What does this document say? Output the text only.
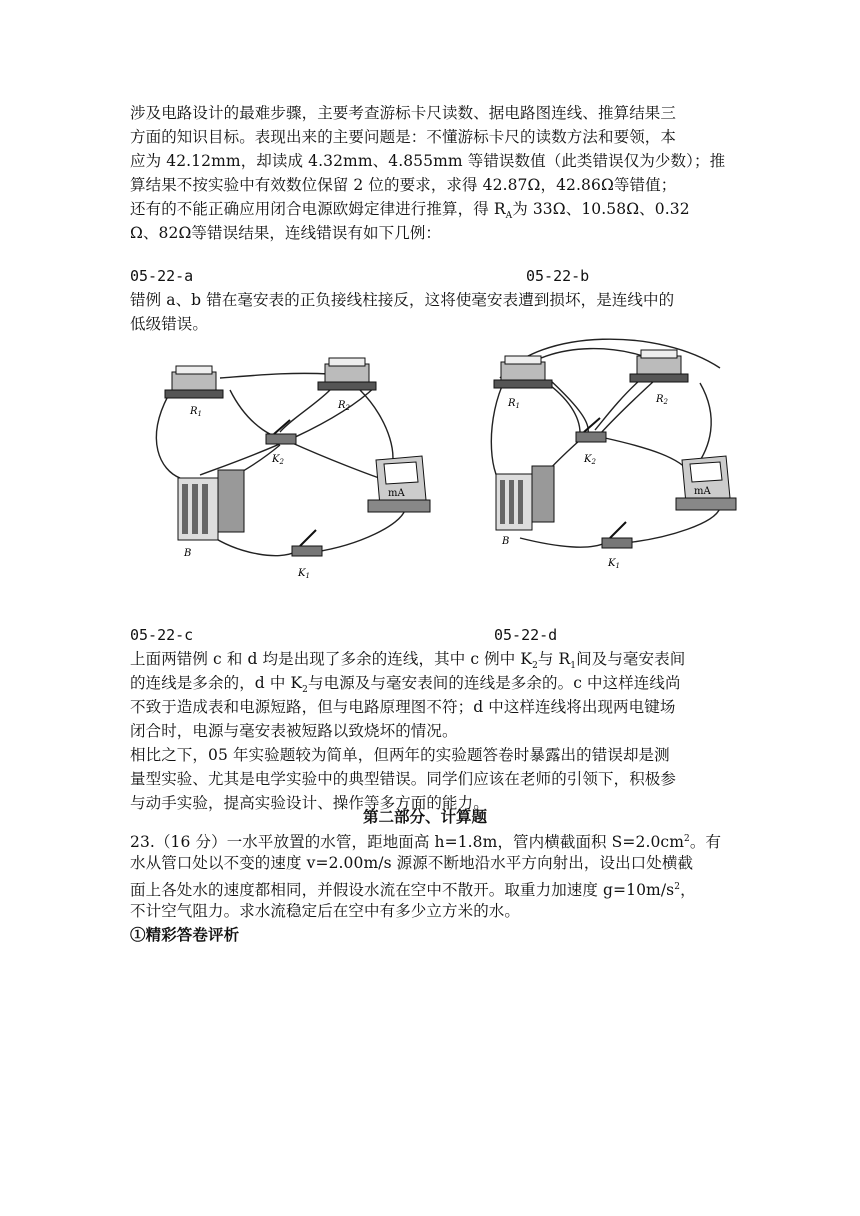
涉及电路设计的最难步骤，主要考查游标卡尺读数、据电路图连线、推算结果三
方面的知识目标。表现出来的主要问题是：不懂游标卡尺的读数方法和要领，本
应为 42.12mm，却读成 4.32mm、4.855mm 等错误数值（此类错误仅为少数）；推
算结果不按实验中有效数位保留 2 位的要求，求得 42.87Ω，42.86Ω等错值；
还有的不能正确应用闭合电源欧姆定律进行推算，得 $R_A$为 33Ω、10.58Ω、0.32
Ω、82Ω等错误结果，连线错误有如下几例：
05-22-a	05-22-b
错例 a、b 错在毫安表的正负接线柱接反，这将使毫安表遭到损坏，是连线中的
低级错误。
$R_1$
$R_2$
$K_2$
B
mA
$K_1$
$R_1$
$R_2$
$K_2$
B
mA
$K_1$
05-22-c	05-22-d
上面两错例 c 和 d 均是出现了多余的连线，其中 c 例中 $K_2$与 $R_1$间及与毫安表间
的连线是多余的，d 中 $K_2$与电源及与毫安表间的连线是多余的。c 中这样连线尚
不致于造成表和电源短路，但与电路原理图不符；d 中这样连线将出现两电键场
闭合时，电源与毫安表被短路以致烧坏的情况。
相比之下，05 年实验题较为简单，但两年的实验题答卷时暴露出的错误却是测
量型实验、尤其是电学实验中的典型错误。同学们应该在老师的引领下，积极参
与动手实验，提高实验设计、操作等多方面的能力。
第二部分、计算题
23.（16 分）一水平放置的水管，距地面高 h=1.8m，管内横截面积 $S=2.0cm^2$。有
水从管口处以不变的速度 v=2.00m/s 源源不断地沿水平方向射出，设出口处横截
面上各处水的速度都相同，并假设水流在空中不散开。取重力加速度 $g=10m/s^2$，
不计空气阻力。求水流稳定后在空中有多少立方米的水。
①精彩答卷评析
